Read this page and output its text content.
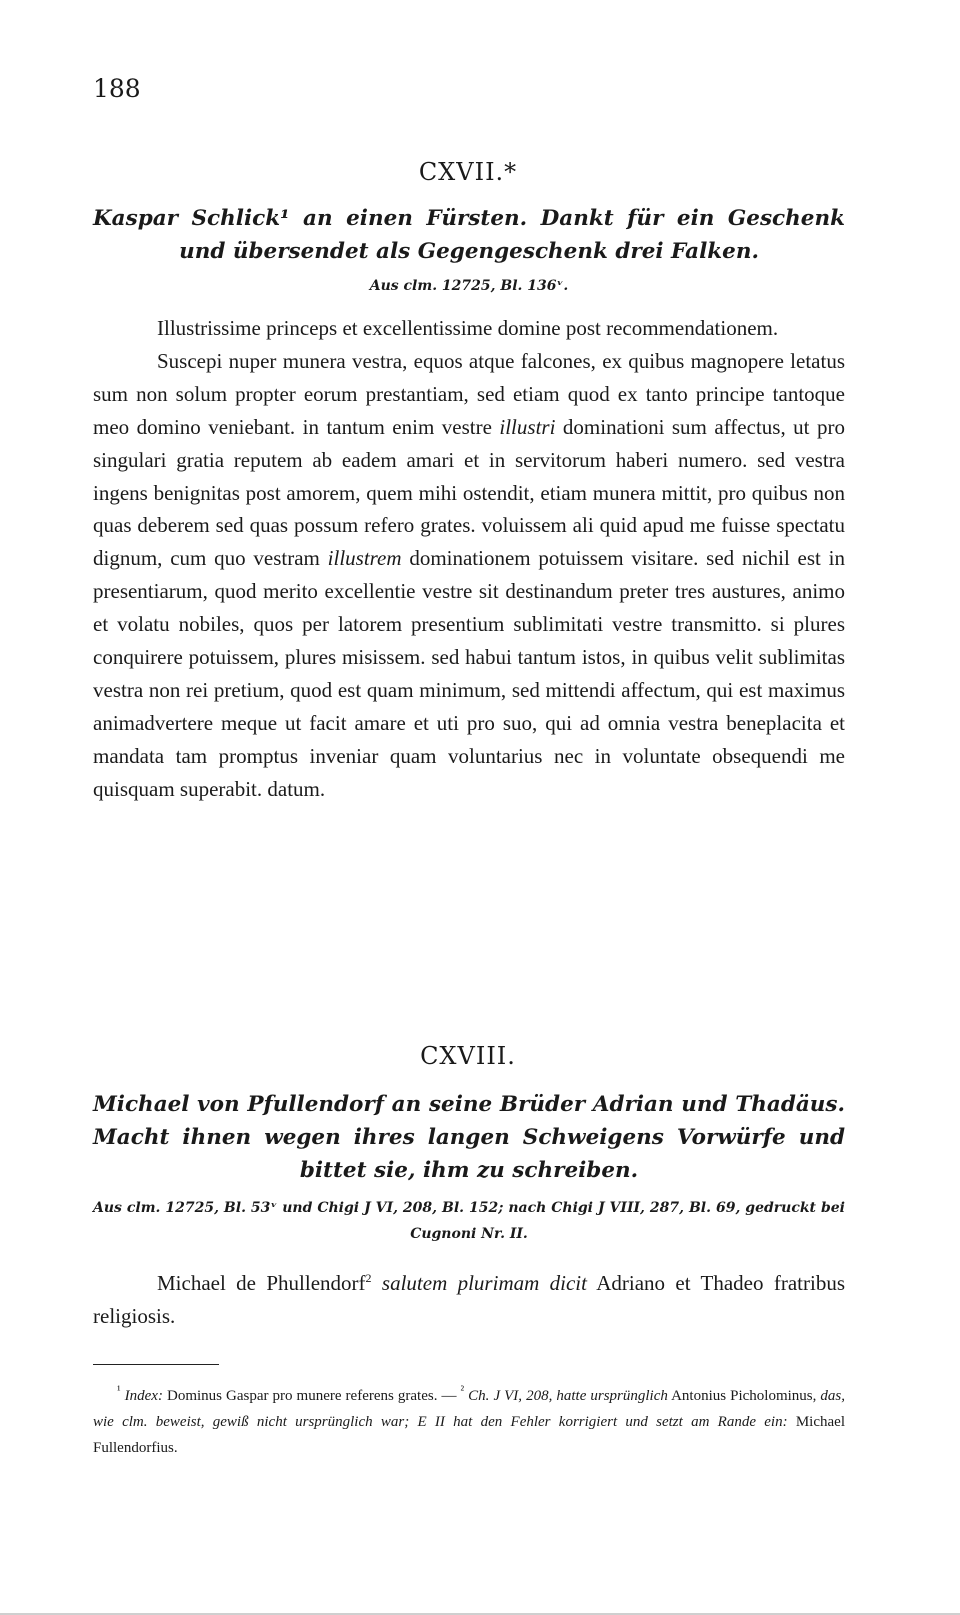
188
CXVII.*
Kaspar Schlick¹ an einen Fürsten. Dankt für ein Geschenk und übersendet als Gegengeschenk drei Falken.
Aus clm. 12725, Bl. 136ᵛ.

Illustrissime princeps et excellentissime domine post recommendationem.

Suscepi nuper munera vestra, equos atque falcones, ex quibus magnopere letatus sum non solum propter eorum prestantiam, sed etiam quod ex tanto principe tantoque meo domino veniebant. in tantum enim vestre illustri dominationi sum affectus, ut pro singulari gratia reputem ab eadem amari et in servitorum haberi numero. sed vestra ingens benignitas post amorem, quem mihi ostendit, etiam munera mittit, pro quibus non quas deberem sed quas possum refero grates. voluissem ali quid apud me fuisse spectatu dignum, cum quo vestram illustrem dominationem potuissem visitare. sed nichil est in presentiarum, quod merito excellentie vestre sit destinandum preter tres austures, animo et volatu nobiles, quos per latorem presentium sublimitati vestre transmitto. si plures conquirere potuissem, plures misissem. sed habui tantum istos, in quibus velit sublimitas vestra non rei pretium, quod est quam minimum, sed mittendi affectum, qui est maximus animadvertere meque ut facit amare et uti pro suo, qui ad omnia vestra beneplacita et mandata tam promptus inveniar quam voluntarius nec in voluntate obsequendi me quisquam superabit. datum.

CXVIII.
Michael von Pfullendorf an seine Brüder Adrian und Thadäus. Macht ihnen wegen ihres langen Schweigens Vorwürfe und bittet sie, ihm zu schreiben.
Aus clm. 12725, Bl. 53ᵛ und Chigi J VI, 208, Bl. 152; nach Chigi J VIII, 287, Bl. 69, gedruckt bei Cugnoni Nr. II.

Michael de Phullendorf$^2$ salutem plurimam dicit Adriano et Thadeo fratribus religiosis.

$^{^1}$ Index: Dominus Gaspar pro munere referens grates. — $^{^2}$ Ch. J VI, 208, hatte ursprünglich Antonius Picholominus, das, wie clm. beweist, gewiß nicht ursprünglich war; E II hat den Fehler korrigiert und setzt am Rande ein: Michael Fullendorfius.
